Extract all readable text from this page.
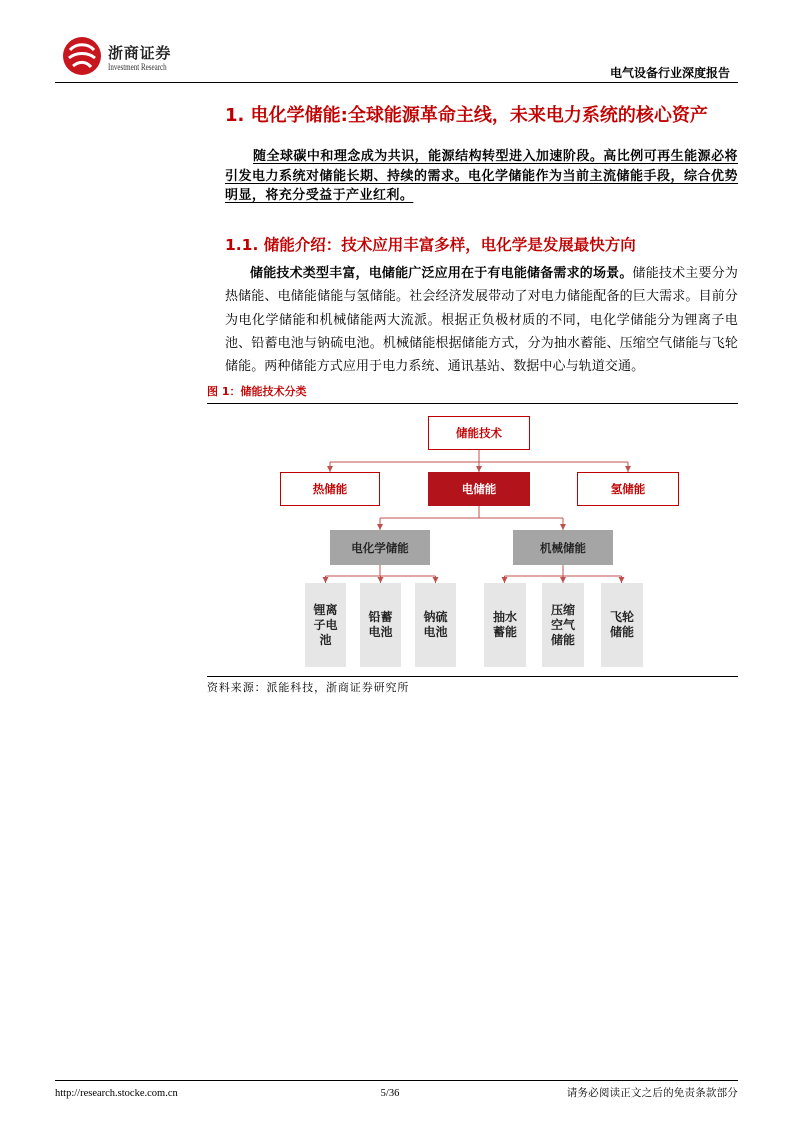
浙商证券
Investment Research	电气设备行业深度报告
1. 电化学储能:全球能源革命主线，未来电力系统的核心资产

随全球碳中和理念成为共识，能源结构转型进入加速阶段。高比例可再生能源必将引发电力系统对储能长期、持续的需求。电化学储能作为当前主流储能手段，综合优势明显，将充分受益于产业红利。

1.1. 储能介绍：技术应用丰富多样，电化学是发展最快方向

储能技术类型丰富，电储能广泛应用在于有电能储备需求的场景。储能技术主要分为热储能、电储能储能与氢储能。社会经济发展带动了对电力储能配备的巨大需求。目前分为电化学储能和机械储能两大流派。根据正负极材质的不同，电化学储能分为锂离子电池、铅蓄电池与钠硫电池。机械储能根据储能方式，分为抽水蓄能、压缩空气储能与飞轮储能。两种储能方式应用于电力系统、通讯基站、数据中心与轨道交通。

图 1：储能技术分类
储能技术
热储能	电储能	氢储能
电化学储能	机械储能
锂离子电池
铅蓄电池
钠硫电池
抽水蓄能
压缩空气储能
飞轮储能
资料来源：派能科技，浙商证券研究所
http://research.stocke.com.cn	5/36	请务必阅读正文之后的免责条款部分
